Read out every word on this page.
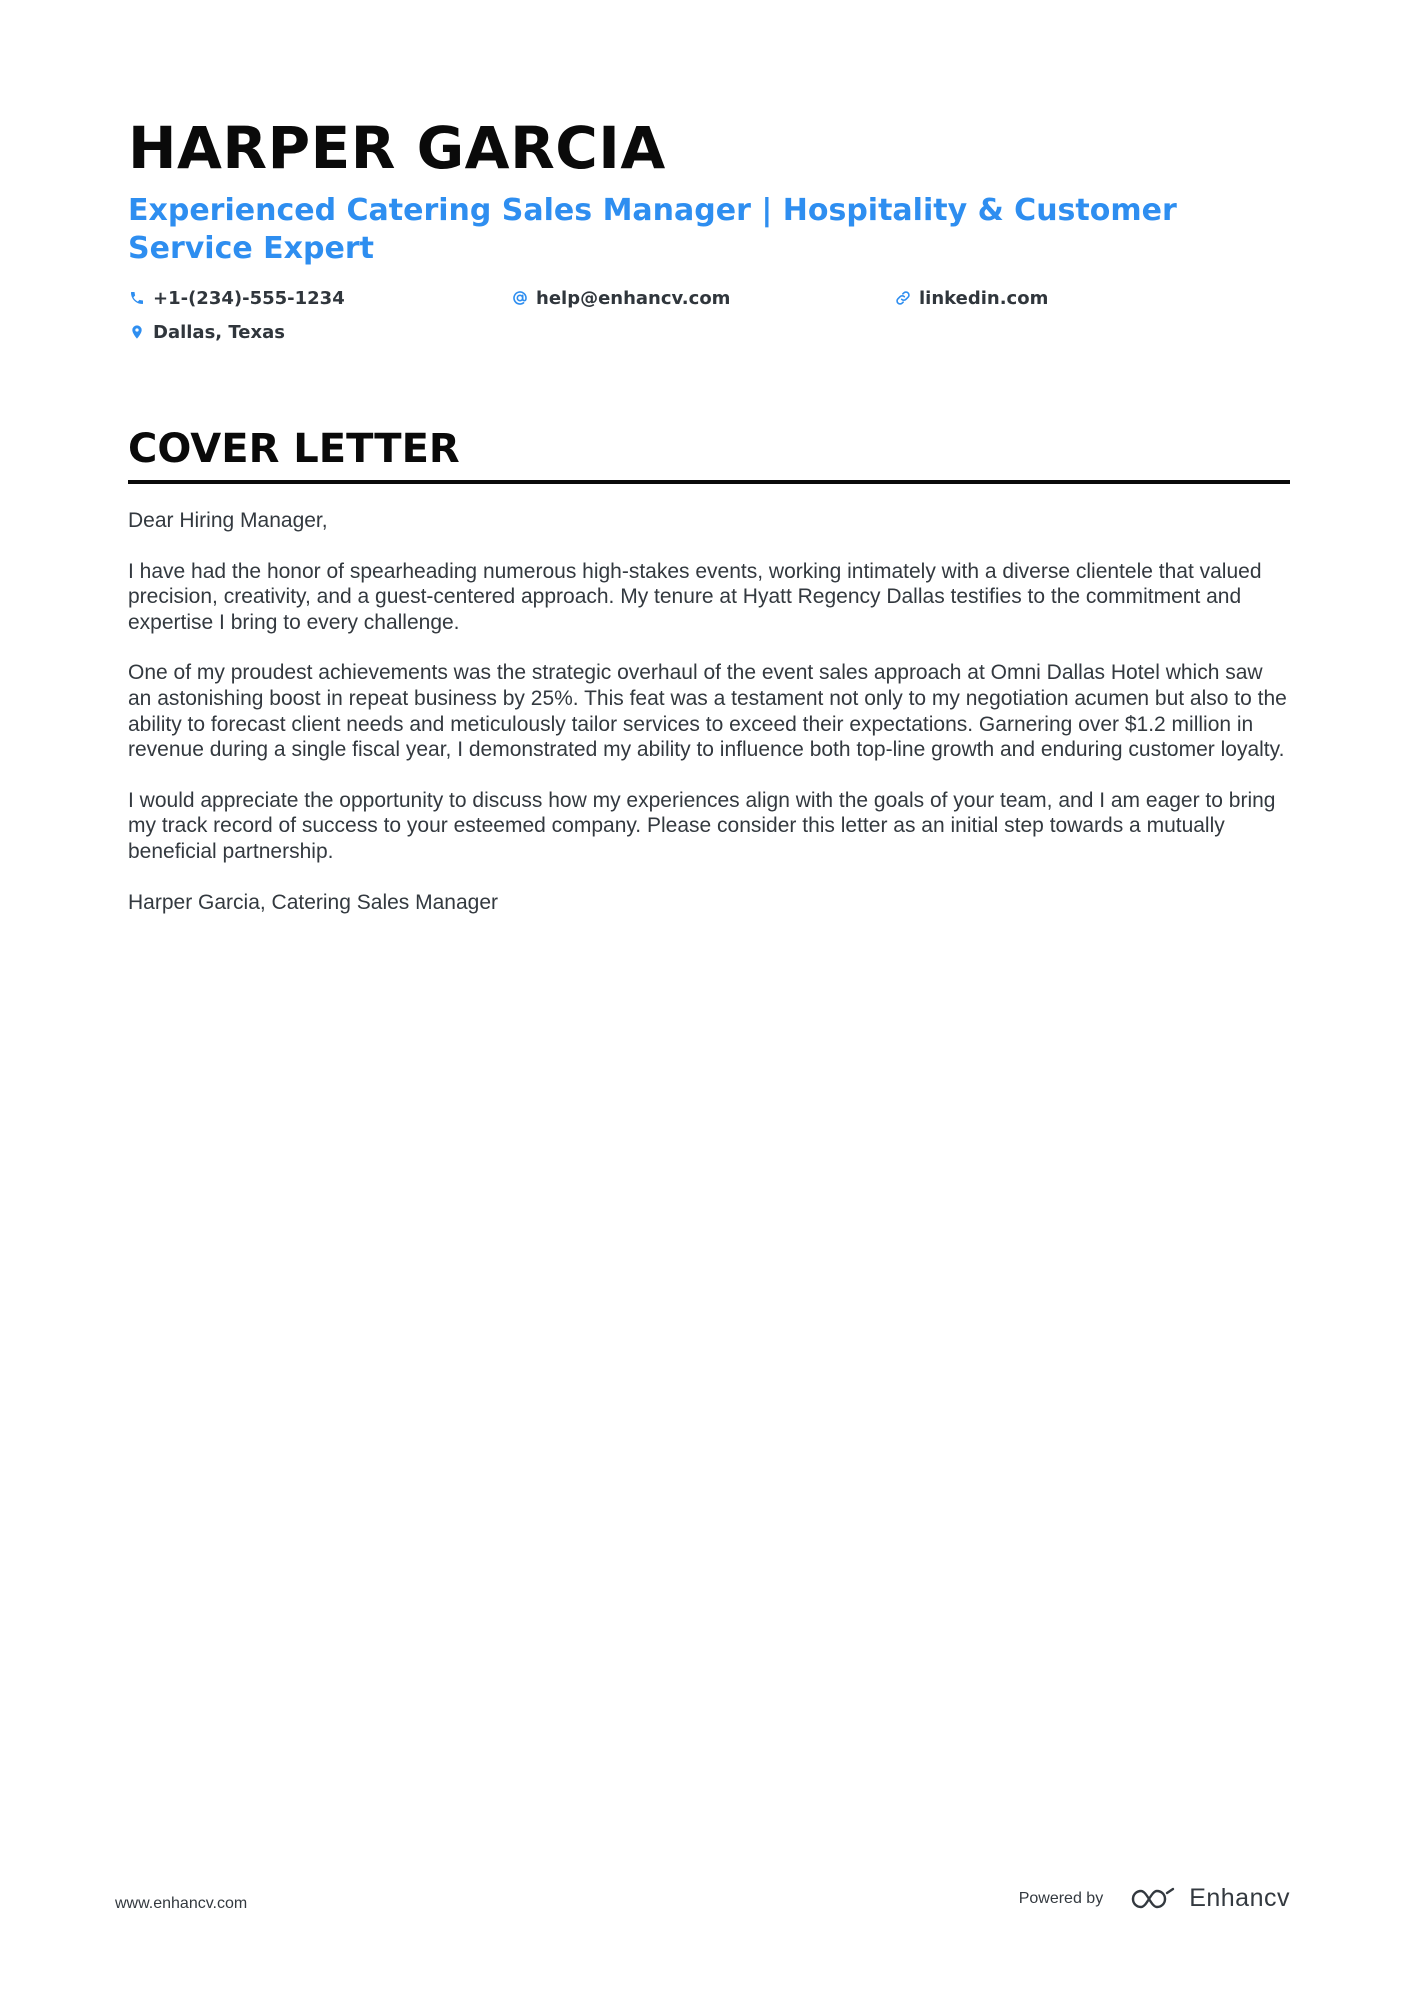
HARPER GARCIA
Experienced Catering Sales Manager | Hospitality & Customer Service Expert
+1-(234)-555-1234	help@enhancv.com	linkedin.com
Dallas, Texas
COVER LETTER

Dear Hiring Manager,

I have had the honor of spearheading numerous high-stakes events, working intimately with a diverse clientele that valued precision, creativity, and a guest-centered approach. My tenure at Hyatt Regency Dallas testifies to the commitment and expertise I bring to every challenge.

One of my proudest achievements was the strategic overhaul of the event sales approach at Omni Dallas Hotel which saw an astonishing boost in repeat business by 25%. This feat was a testament not only to my negotiation acumen but also to the ability to forecast client needs and meticulously tailor services to exceed their expectations. Garnering over $1.2 million in revenue during a single fiscal year, I demonstrated my ability to influence both top-line growth and enduring customer loyalty.

I would appreciate the opportunity to discuss how my experiences align with the goals of your team, and I am eager to bring my track record of success to your esteemed company. Please consider this letter as an initial step towards a mutually beneficial partnership.

Harper Garcia, Catering Sales Manager

www.enhancv.com	Powered by	Enhancv
